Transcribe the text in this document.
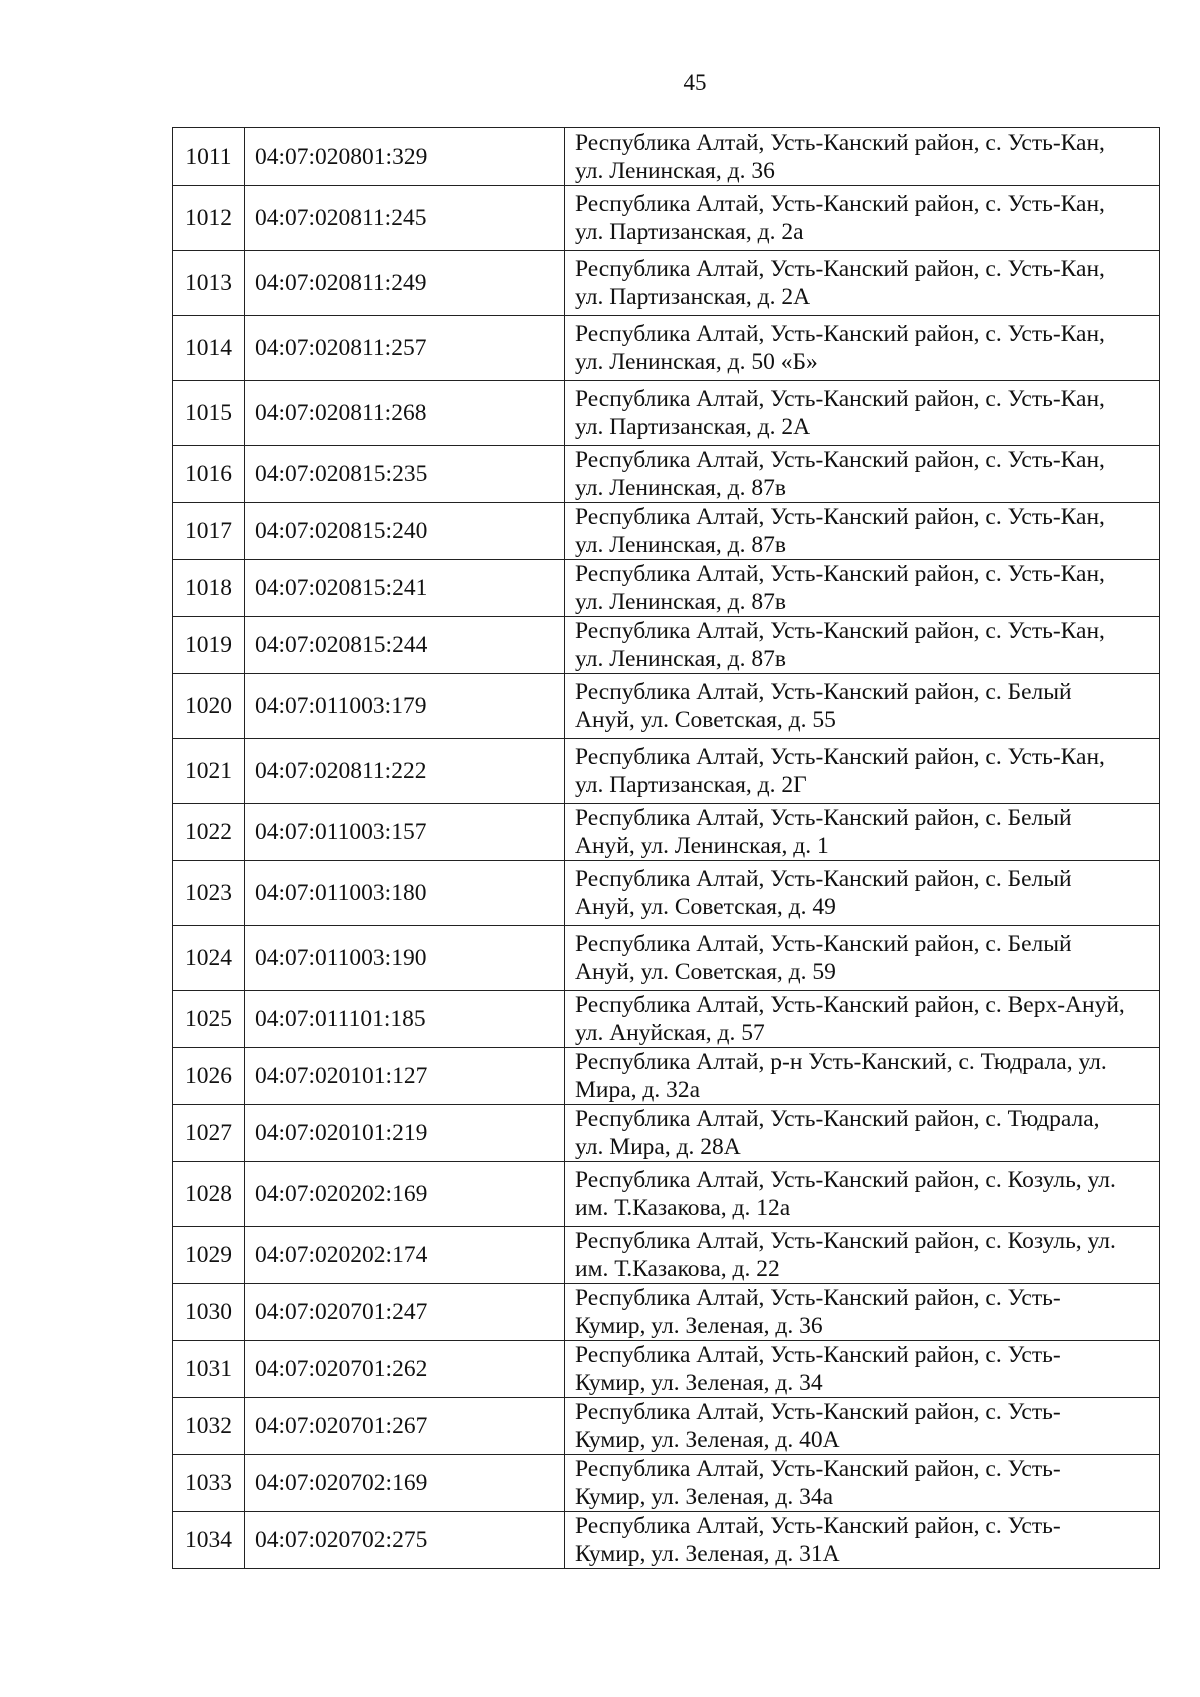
45
1011	04:07:020801:329	Республика Алтай, Усть-Канский район, с. Усть-Кан,
ул. Ленинская, д. 36
1012	04:07:020811:245	Республика Алтай, Усть-Канский район, с. Усть-Кан,
ул. Партизанская, д. 2а
1013	04:07:020811:249	Республика Алтай, Усть-Канский район, с. Усть-Кан,
ул. Партизанская, д. 2А
1014	04:07:020811:257	Республика Алтай, Усть-Канский район, с. Усть-Кан,
ул. Ленинская, д. 50 «Б»
1015	04:07:020811:268	Республика Алтай, Усть-Канский район, с. Усть-Кан,
ул. Партизанская, д. 2А
1016	04:07:020815:235	Республика Алтай, Усть-Канский район, с. Усть-Кан,
ул. Ленинская, д. 87в
1017	04:07:020815:240	Республика Алтай, Усть-Канский район, с. Усть-Кан,
ул. Ленинская, д. 87в
1018	04:07:020815:241	Республика Алтай, Усть-Канский район, с. Усть-Кан,
ул. Ленинская, д. 87в
1019	04:07:020815:244	Республика Алтай, Усть-Канский район, с. Усть-Кан,
ул. Ленинская, д. 87в
1020	04:07:011003:179	Республика Алтай, Усть-Канский район, с. Белый
Ануй, ул. Советская, д. 55
1021	04:07:020811:222	Республика Алтай, Усть-Канский район, с. Усть-Кан,
ул. Партизанская, д. 2Г
1022	04:07:011003:157	Республика Алтай, Усть-Канский район, с. Белый
Ануй, ул. Ленинская, д. 1
1023	04:07:011003:180	Республика Алтай, Усть-Канский район, с. Белый
Ануй, ул. Советская, д. 49
1024	04:07:011003:190	Республика Алтай, Усть-Канский район, с. Белый
Ануй, ул. Советская, д. 59
1025	04:07:011101:185	Республика Алтай, Усть-Канский район, с. Верх-Ануй,
ул. Ануйская, д. 57
1026	04:07:020101:127	Республика Алтай, р-н Усть-Канский, с. Тюдрала, ул.
Мира, д. 32а
1027	04:07:020101:219	Республика Алтай, Усть-Канский район, с. Тюдрала,
ул. Мира, д. 28А
1028	04:07:020202:169	Республика Алтай, Усть-Канский район, с. Козуль, ул.
им. Т.Казакова, д. 12а
1029	04:07:020202:174	Республика Алтай, Усть-Канский район, с. Козуль, ул.
им. Т.Казакова, д. 22
1030	04:07:020701:247	Республика Алтай, Усть-Канский район, с. Усть-
Кумир, ул. Зеленая, д. 36
1031	04:07:020701:262	Республика Алтай, Усть-Канский район, с. Усть-
Кумир, ул. Зеленая, д. 34
1032	04:07:020701:267	Республика Алтай, Усть-Канский район, с. Усть-
Кумир, ул. Зеленая, д. 40А
1033	04:07:020702:169	Республика Алтай, Усть-Канский район, с. Усть-
Кумир, ул. Зеленая, д. 34а
1034	04:07:020702:275	Республика Алтай, Усть-Канский район, с. Усть-
Кумир, ул. Зеленая, д. 31А
